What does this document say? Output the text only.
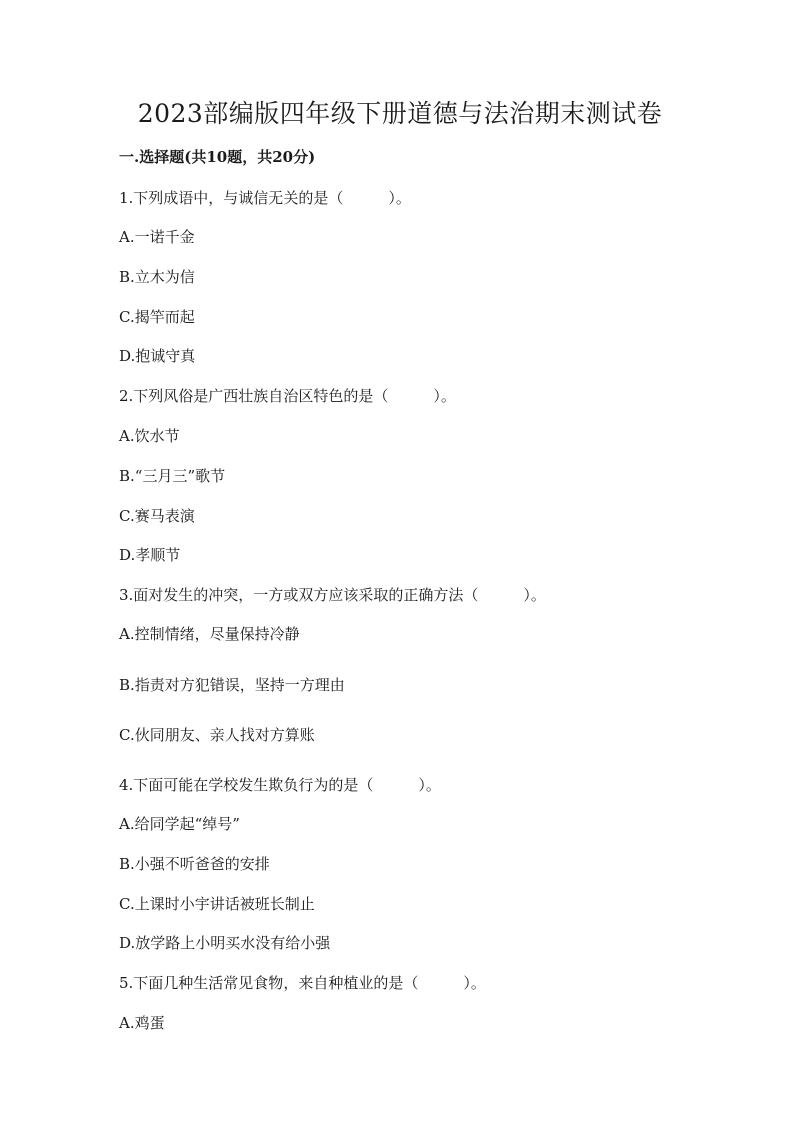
2023部编版四年级下册道德与法治期末测试卷
一.选择题(共10题，共20分)
1.下列成语中，与诚信无关的是（　　　）。
A.一诺千金
B.立木为信
C.揭竿而起
D.抱诚守真
2.下列风俗是广西壮族自治区特色的是（　　　）。
A.饮水节
B.“三月三”歌节
C.赛马表演
D.孝顺节
3.面对发生的冲突，一方或双方应该采取的正确方法（　　　）。
A.控制情绪，尽量保持冷静
B.指责对方犯错误，坚持一方理由
C.伙同朋友、亲人找对方算账
4.下面可能在学校发生欺负行为的是（　　　）。
A.给同学起“绰号”
B.小强不听爸爸的安排
C.上课时小宇讲话被班长制止
D.放学路上小明买水没有给小强
5.下面几种生活常见食物，来自种植业的是（　　　）。
A.鸡蛋
